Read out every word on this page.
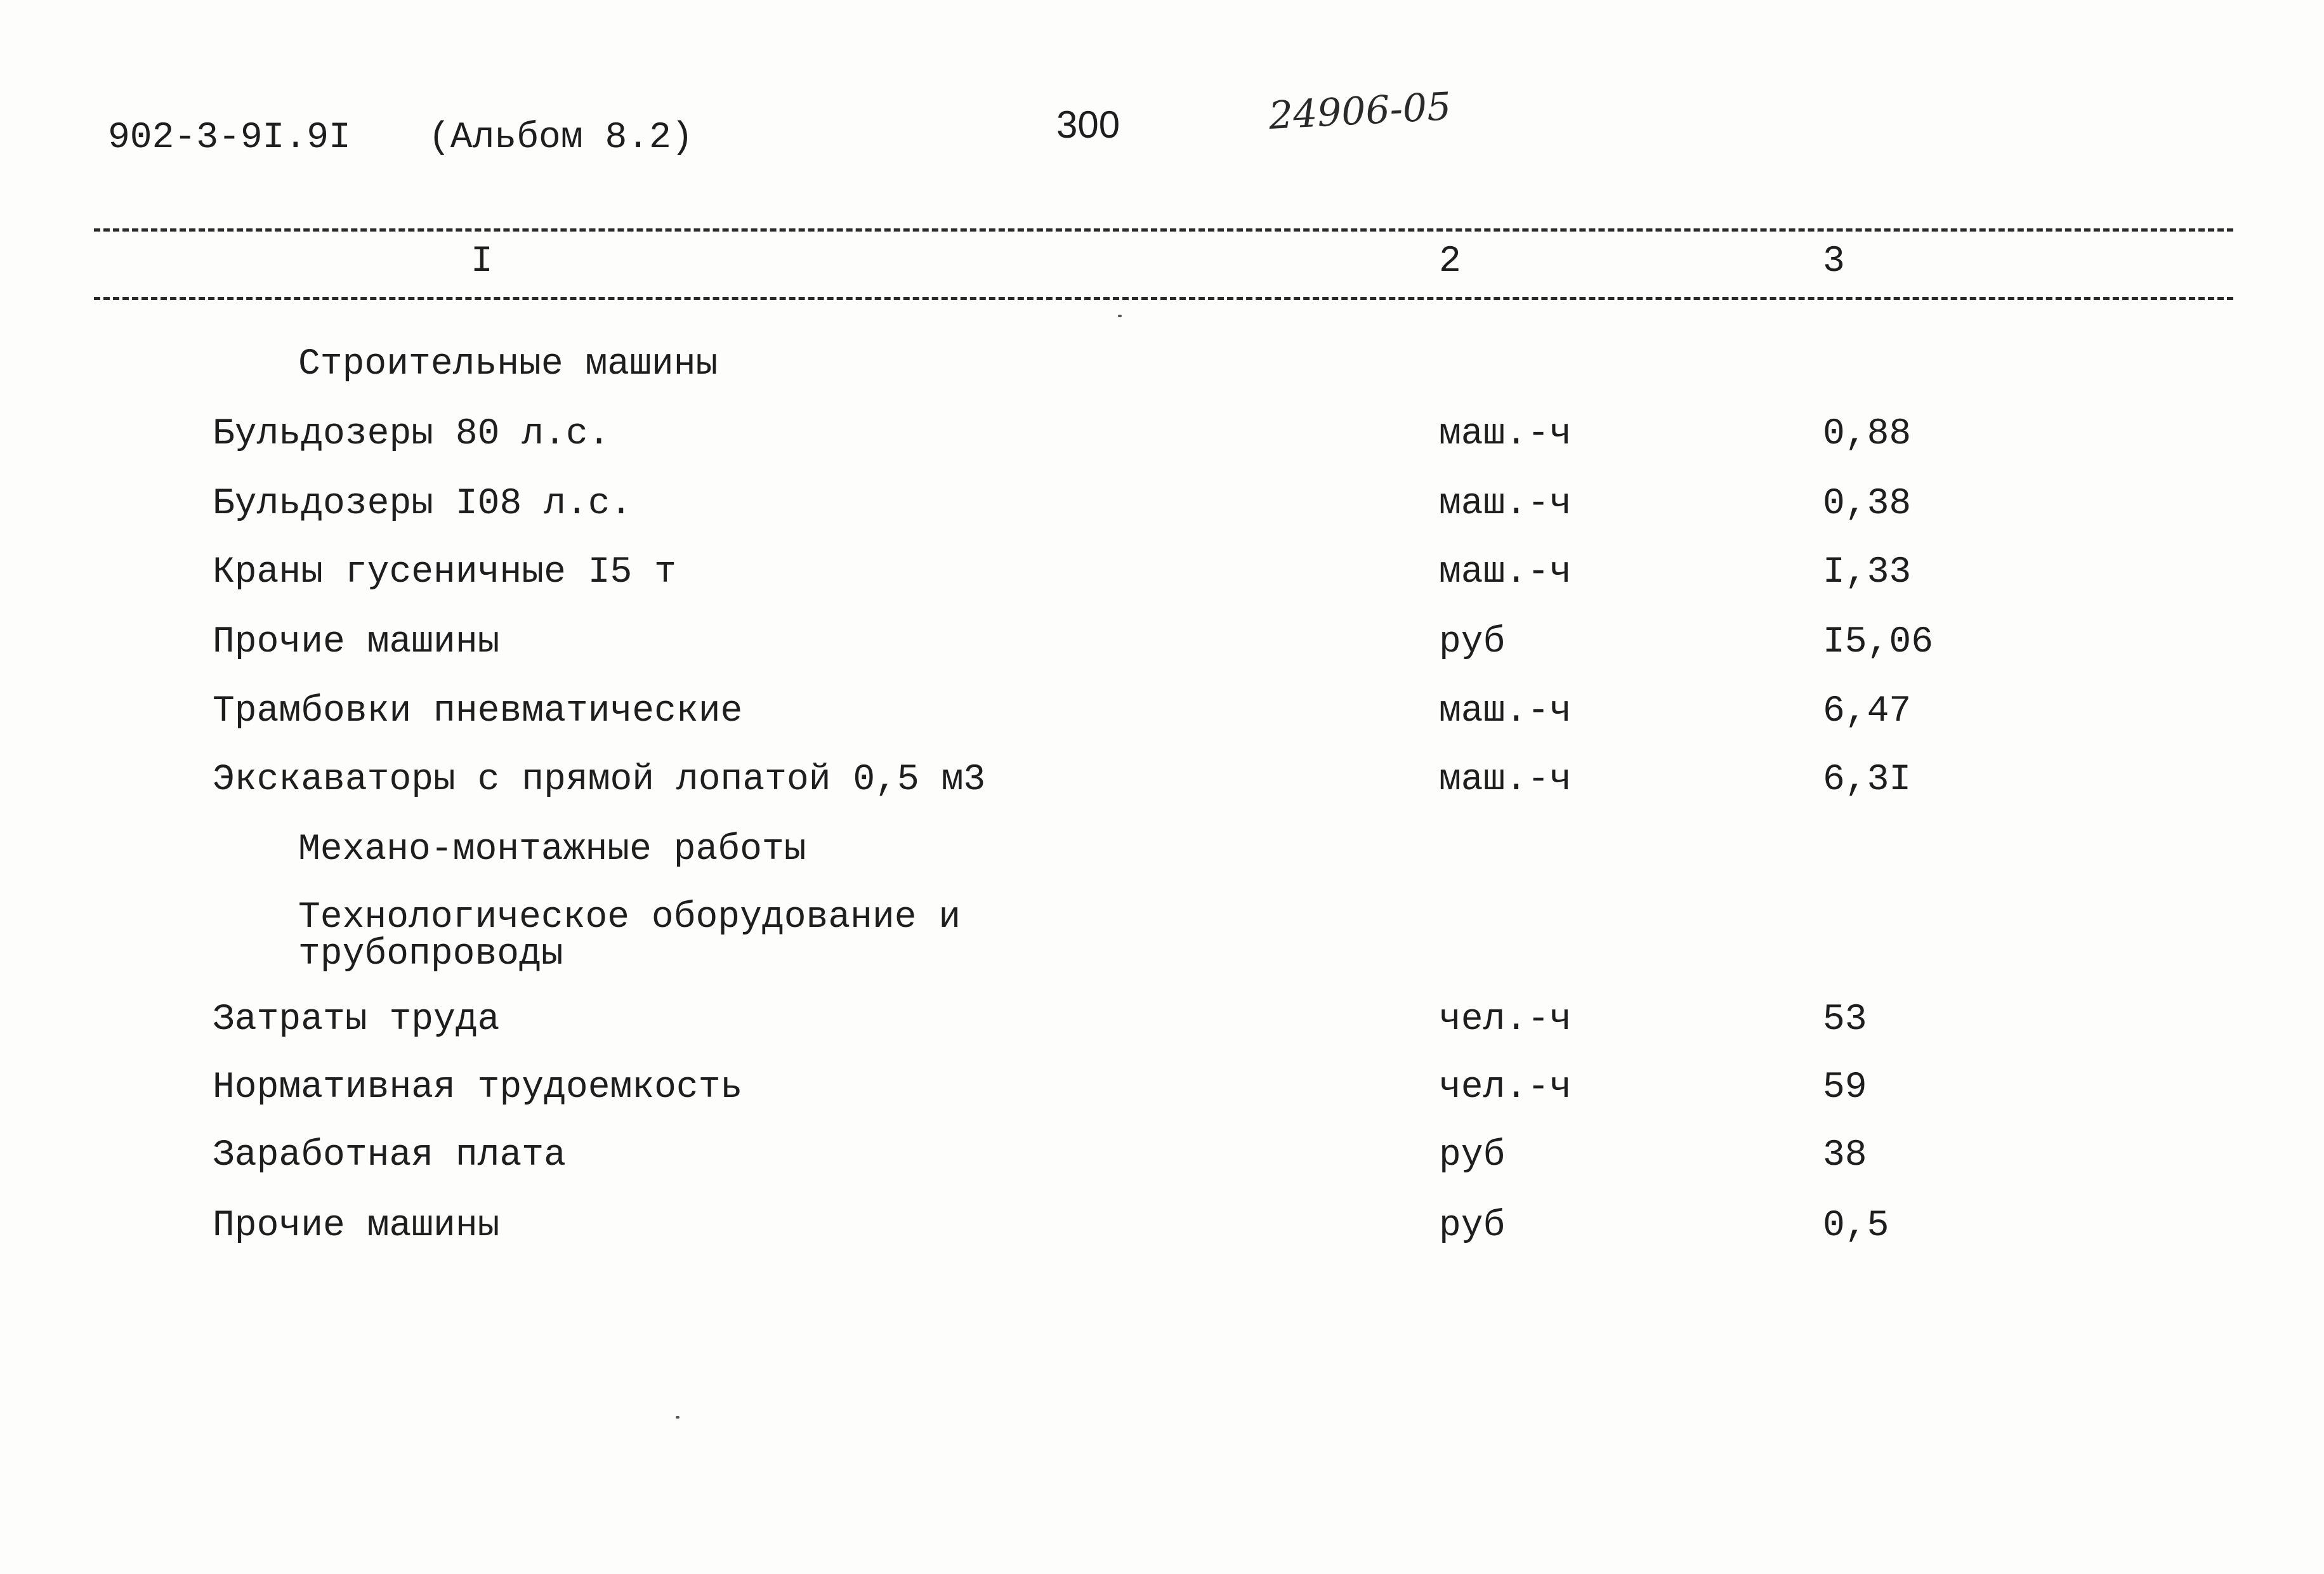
902-3-9I.9I (Альбом 8.2)	300	24906-05
I	2	3
Строительные машины
Бульдозеры 80 л.с.	маш.-ч	0,88
Бульдозеры I08 л.с.	маш.-ч	0,38
Краны гусеничные I5 т	маш.-ч	I,33
Прочие машины	руб	I5,06
Трамбовки пневматические	маш.-ч	6,47
Экскаваторы с прямой лопатой 0,5 м3	маш.-ч	6,3I
Механо-монтажные работы
Технологическое оборудование и трубопроводы
Затраты труда	чел.-ч	53
Нормативная трудоемкость	чел.-ч	59
Заработная плата	руб	38
Прочие машины	руб	0,5
